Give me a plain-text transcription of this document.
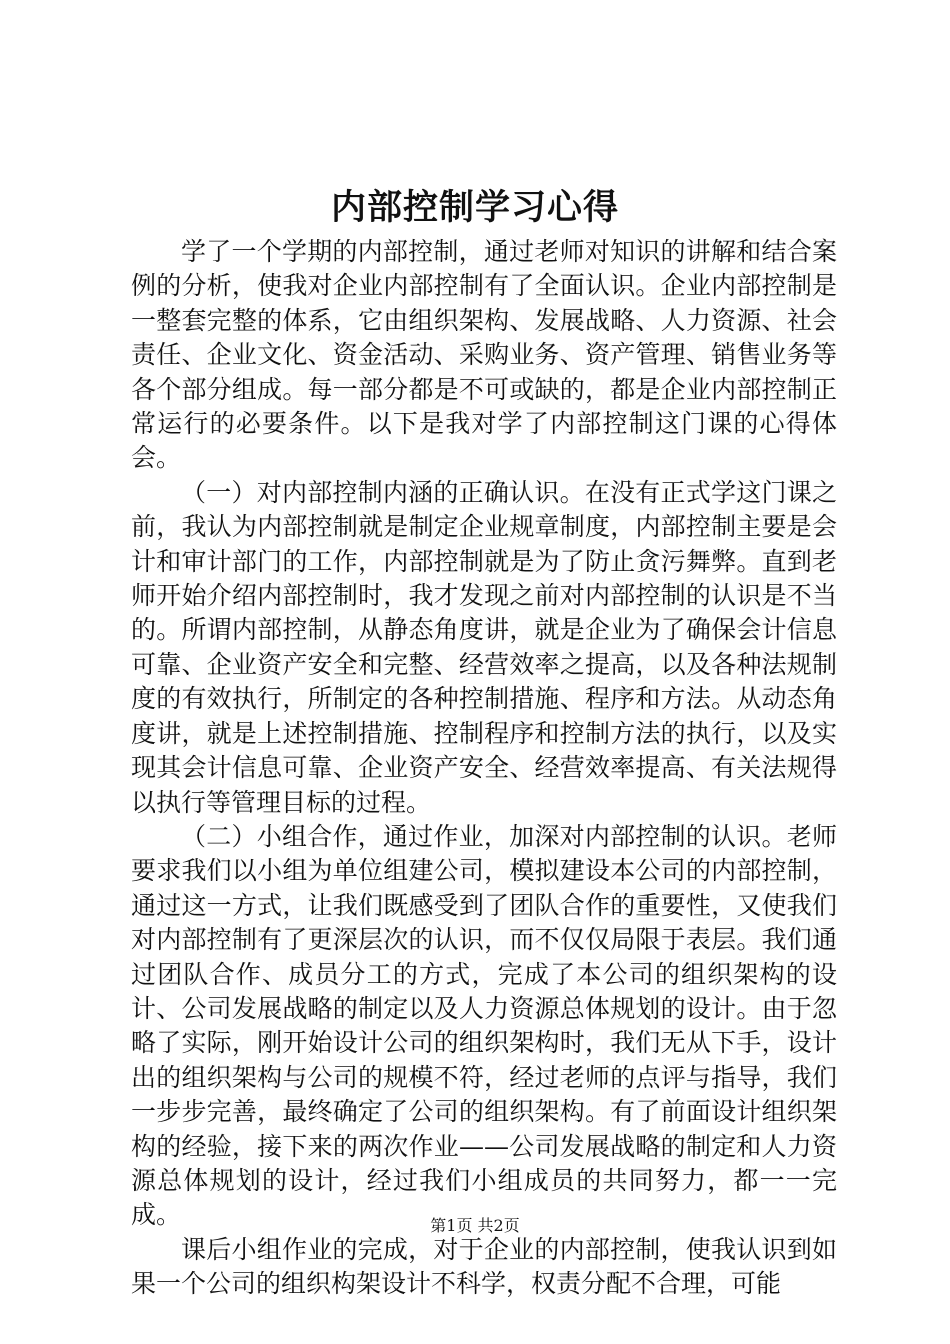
内部控制学习心得

学了一个学期的内部控制，通过老师对知识的讲解和结合案例的分析，使我对企业内部控制有了全面认识。企业内部控制是一整套完整的体系，它由组织架构、发展战略、人力资源、社会责任、企业文化、资金活动、采购业务、资产管理、销售业务等各个部分组成。每一部分都是不可或缺的，都是企业内部控制正常运行的必要条件。以下是我对学了内部控制这门课的心得体会。

（一）对内部控制内涵的正确认识。在没有正式学这门课之前，我认为内部控制就是制定企业规章制度，内部控制主要是会计和审计部门的工作，内部控制就是为了防止贪污舞弊。直到老师开始介绍内部控制时，我才发现之前对内部控制的认识是不当的。所谓内部控制，从静态角度讲，就是企业为了确保会计信息可靠、企业资产安全和完整、经营效率之提高，以及各种法规制度的有效执行，所制定的各种控制措施、程序和方法。从动态角度讲，就是上述控制措施、控制程序和控制方法的执行，以及实现其会计信息可靠、企业资产安全、经营效率提高、有关法规得以执行等管理目标的过程。

（二）小组合作，通过作业，加深对内部控制的认识。老师要求我们以小组为单位组建公司，模拟建设本公司的内部控制，通过这一方式，让我们既感受到了团队合作的重要性，又使我们对内部控制有了更深层次的认识，而不仅仅局限于表层。我们通过团队合作、成员分工的方式，完成了本公司的组织架构的设计、公司发展战略的制定以及人力资源总体规划的设计。由于忽略了实际，刚开始设计公司的组织架构时，我们无从下手，设计出的组织架构与公司的规模不符，经过老师的点评与指导，我们一步步完善，最终确定了公司的组织架构。有了前面设计组织架构的经验，接下来的两次作业——公司发展战略的制定和人力资源总体规划的设计，经过我们小组成员的共同努力，都一一完成。

课后小组作业的完成，对于企业的内部控制，使我认识到如果一个公司的组织构架设计不科学，权责分配不合理，可能

第1页 共2页
